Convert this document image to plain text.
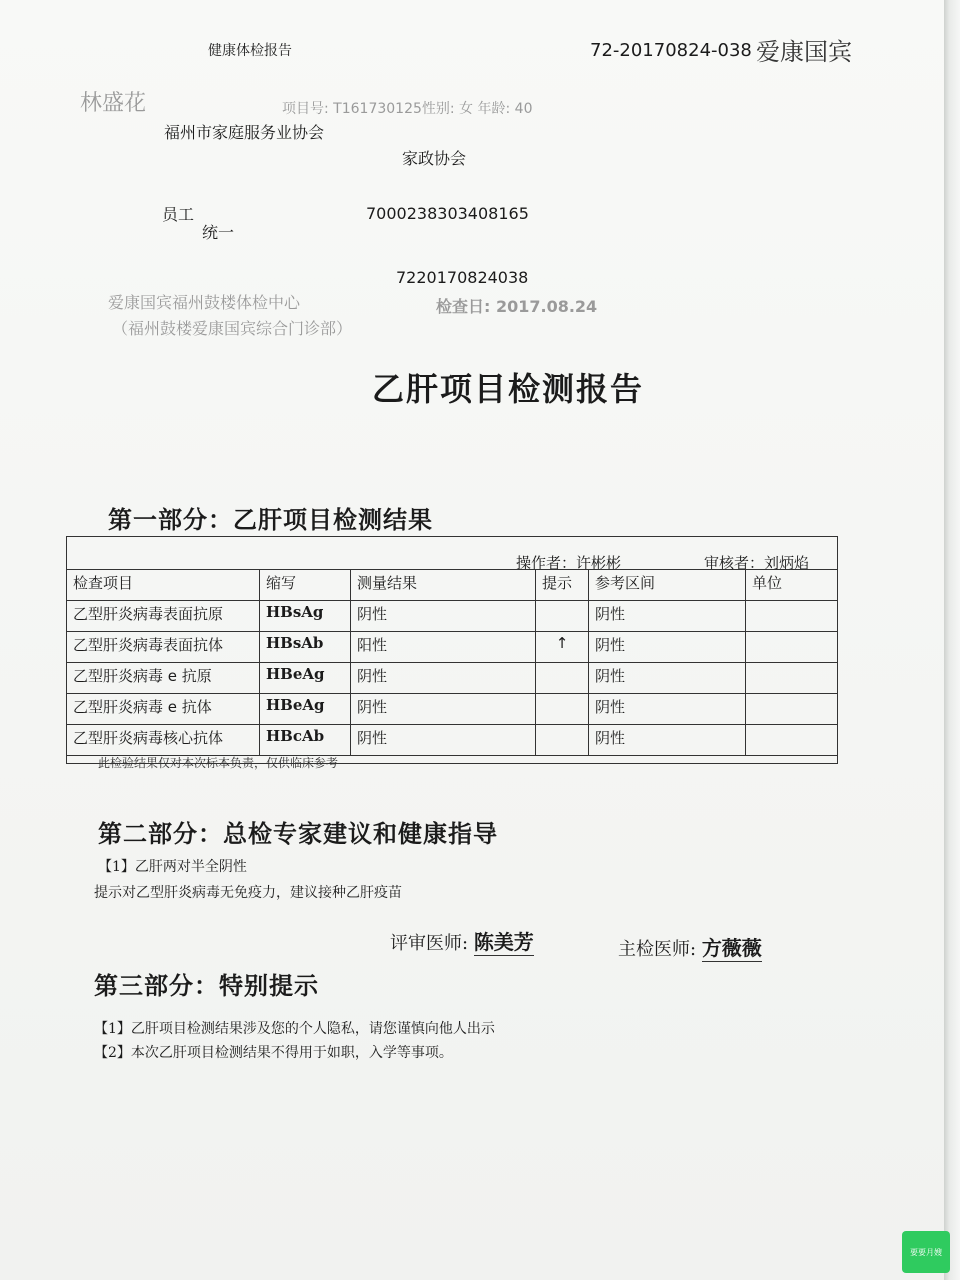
健康体检报告	72-20170824-038 爱康国宾
林盛花	项目号: T161730125性别: 女 年龄: 40
福州市家庭服务业协会
家政协会
员工
统一
7000238303408165
7220170824038
爱康国宾福州鼓楼体检中心	检查日: 2017.08.24
（福州鼓楼爱康国宾综合门诊部）
乙肝项目检测报告
第一部分：乙肝项目检测结果
操作者：许彬彬	审核者：刘炳焰
检查项目	缩写	测量结果	提示	参考区间	单位
乙型肝炎病毒表面抗原	HBsAg	阴性		阴性	
乙型肝炎病毒表面抗体	HBsAb	阳性	↑	阴性	
乙型肝炎病毒 e 抗原	HBeAg	阴性		阴性	
乙型肝炎病毒 e 抗体	HBeAg	阴性		阴性	
乙型肝炎病毒核心抗体	HBcAb	阴性		阴性	
此检验结果仅对本次标本负责，仅供临床参考
第二部分：总检专家建议和健康指导
【1】乙肝两对半全阴性
提示对乙型肝炎病毒无免疫力，建议接种乙肝疫苗
评审医师: 陈美芳	主检医师: 方薇薇
第三部分：特别提示
【1】乙肝项目检测结果涉及您的个人隐私，请您谨慎向他人出示
【2】本次乙肝项目检测结果不得用于如职，入学等事项。
要要月嫂
